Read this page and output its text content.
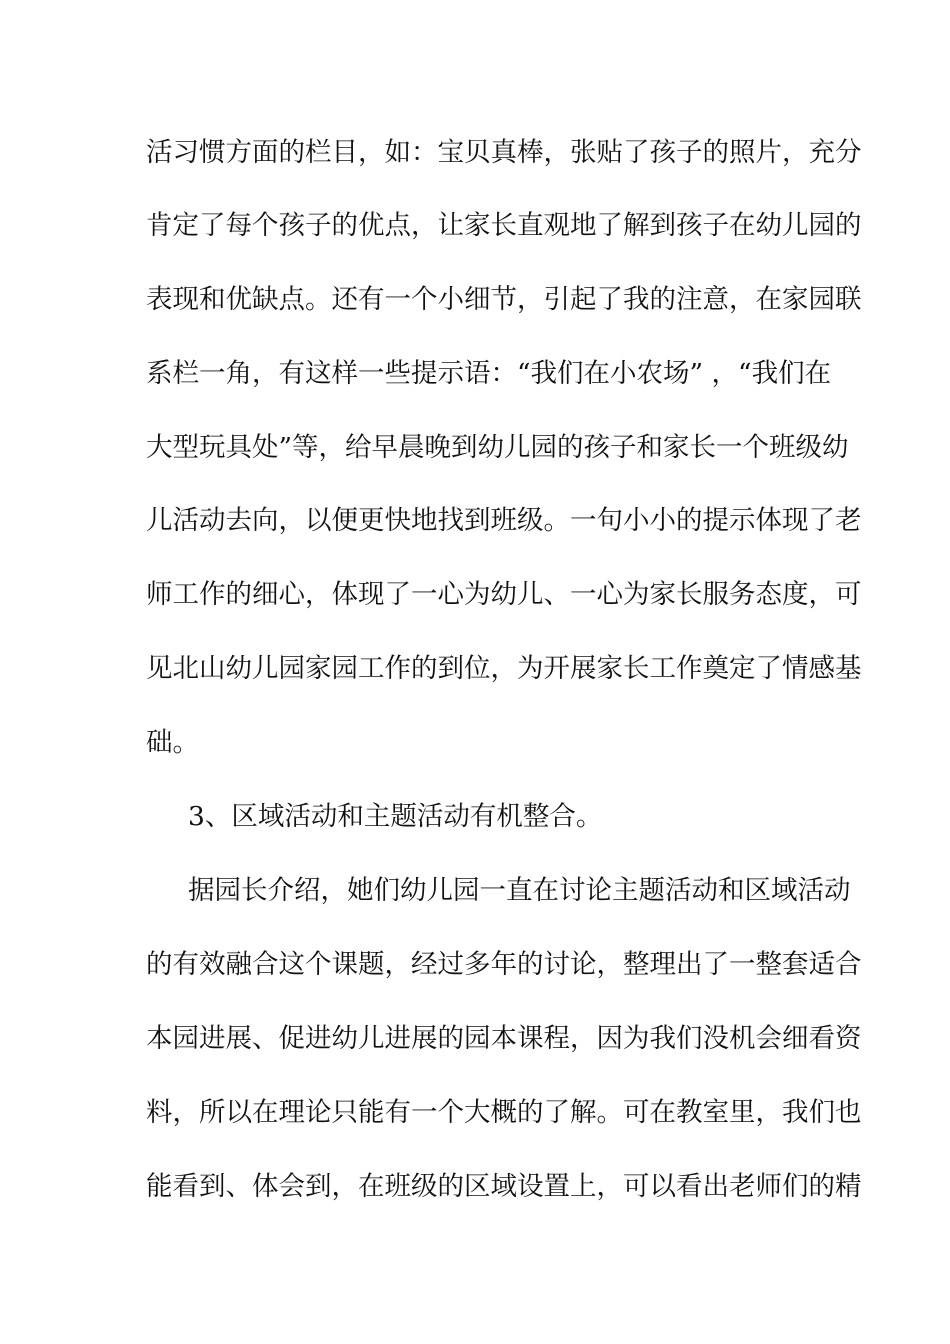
活习惯方面的栏目，如：宝贝真棒，张贴了孩子的照片，充分
肯定了每个孩子的优点，让家长直观地了解到孩子在幼儿园的
表现和优缺点。还有一个小细节，引起了我的注意，在家园联
系栏一角，有这样一些提示语：“我们在小农场” ，“我们在
大型玩具处”等，给早晨晚到幼儿园的孩子和家长一个班级幼
儿活动去向，以便更快地找到班级。一句小小的提示体现了老
师工作的细心，体现了一心为幼儿、一心为家长服务态度，可
见北山幼儿园家园工作的到位，为开展家长工作奠定了情感基
础。
3、区域活动和主题活动有机整合。
据园长介绍，她们幼儿园一直在讨论主题活动和区域活动
的有效融合这个课题，经过多年的讨论，整理出了一整套适合
本园进展、促进幼儿进展的园本课程，因为我们没机会细看资
料，所以在理论只能有一个大概的了解。可在教室里，我们也
能看到、体会到，在班级的区域设置上，可以看出老师们的精
